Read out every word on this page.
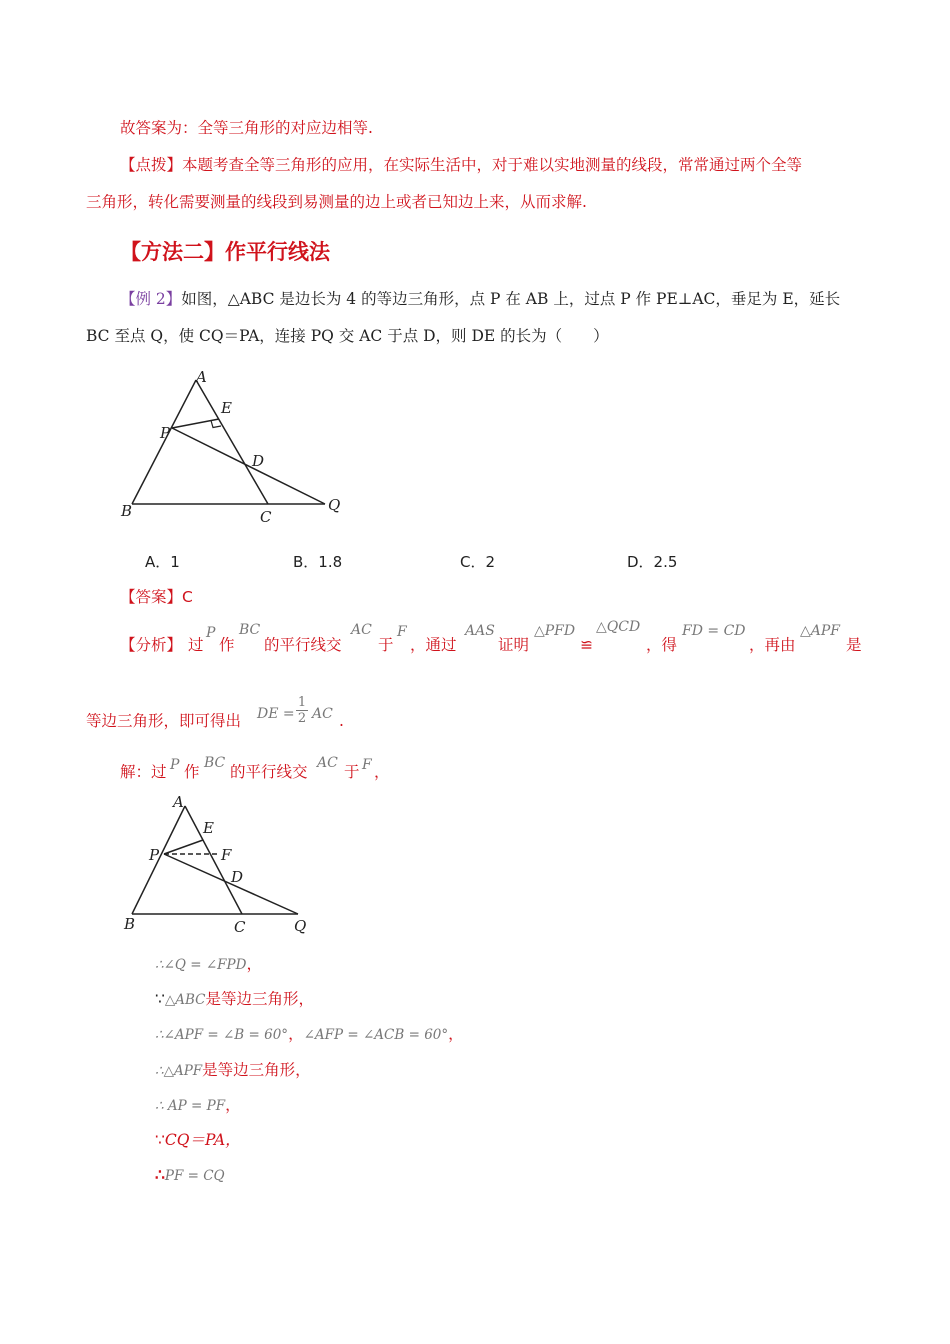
故答案为：全等三角形的对应边相等.
【点拨】本题考查全等三角形的应用，在实际生活中，对于难以实地测量的线段，常常通过两个全等
三角形，转化需要测量的线段到易测量的边上或者已知边上来，从而求解.
【方法二】作平行线法
【例 2】如图，△ABC 是边长为 4 的等边三角形，点 P 在 AB 上，过点 P 作 PE⊥AC，垂足为 E，延长
BC 至点 Q，使 CQ＝PA，连接 PQ 交 AC 于点 D，则 DE 的长为（　　）
A
E
P
D
B	C
Q
A．1	B．1.8	C．2	D．2.5
【答案】C
【分析】 过
P
作
BC
的平行线交
AC
于
F
，通过
AAS
证明
△PFD
≌
△QCD
，得
FD = CD
，再由
△APF
是
等边三角形，即可得出 DE = $\frac{1}{2}$ AC .
解：过 P 作 BC 的平行线交 AC 于 F ，
A
E
P	F
D
B	C	Q
∴∠Q = ∠FPD，
∵△ABC是等边三角形，
∴∠APF = ∠B = 60°，∠AFP = ∠ACB = 60°，
∴△APF是等边三角形，
∴ AP = PF，
∵CQ＝PA，
∴PF = CQ
